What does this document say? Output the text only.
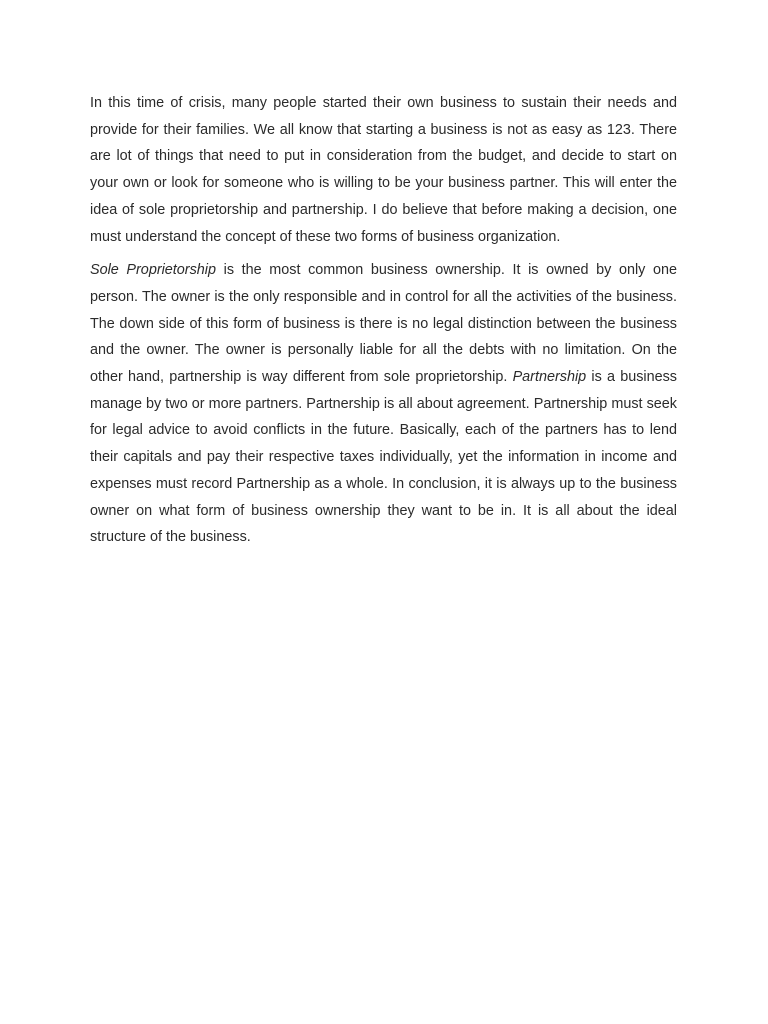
In this time of crisis, many people started their own business to sustain their needs and provide for their families. We all know that starting a business is not as easy as 123. There are lot of things that need to put in consideration from the budget, and decide to start on your own or look for someone who is willing to be your business partner. This will enter the idea of sole proprietorship and partnership. I do believe that before making a decision, one must understand the concept of these two forms of business organization.

Sole Proprietorship is the most common business ownership. It is owned by only one person. The owner is the only responsible and in control for all the activities of the business. The down side of this form of business is there is no legal distinction between the business and the owner. The owner is personally liable for all the debts with no limitation. On the other hand, partnership is way different from sole proprietorship. Partnership is a business manage by two or more partners. Partnership is all about agreement. Partnership must seek for legal advice to avoid conflicts in the future. Basically, each of the partners has to lend their capitals and pay their respective taxes individually, yet the information in income and expenses must record Partnership as a whole. In conclusion, it is always up to the business owner on what form of business ownership they want to be in. It is all about the ideal structure of the business.
